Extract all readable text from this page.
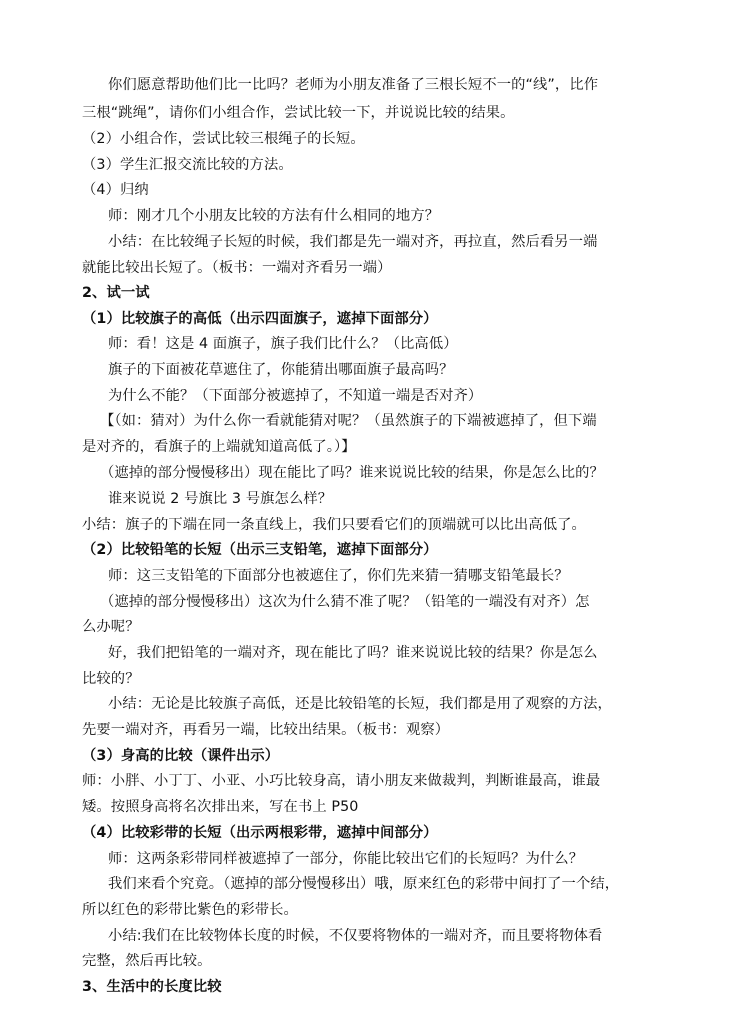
你们愿意帮助他们比一比吗？老师为小朋友准备了三根长短不一的“线”，比作
三根“跳绳”，请你们小组合作，尝试比较一下，并说说比较的结果。
（2）小组合作，尝试比较三根绳子的长短。
（3）学生汇报交流比较的方法。
（4）归纳
师：刚才几个小朋友比较的方法有什么相同的地方？
小结：在比较绳子长短的时候，我们都是先一端对齐，再拉直，然后看另一端
就能比较出长短了。（板书：一端对齐看另一端）
2、试一试
（1）比较旗子的高低（出示四面旗子，遮掉下面部分）
师：看！这是 4 面旗子，旗子我们比什么？（比高低）
旗子的下面被花草遮住了，你能猜出哪面旗子最高吗？
为什么不能？（下面部分被遮掉了，不知道一端是否对齐）
【（如：猜对）为什么你一看就能猜对呢？（虽然旗子的下端被遮掉了，但下端
是对齐的，看旗子的上端就知道高低了。）】
（遮掉的部分慢慢移出）现在能比了吗？谁来说说比较的结果，你是怎么比的？
谁来说说 2 号旗比 3 号旗怎么样？
小结：旗子的下端在同一条直线上，我们只要看它们的顶端就可以比出高低了。
（2）比较铅笔的长短（出示三支铅笔，遮掉下面部分）
师：这三支铅笔的下面部分也被遮住了，你们先来猜一猜哪支铅笔最长？
（遮掉的部分慢慢移出）这次为什么猜不准了呢？（铅笔的一端没有对齐）怎
么办呢？
好，我们把铅笔的一端对齐，现在能比了吗？谁来说说比较的结果？你是怎么
比较的？
小结：无论是比较旗子高低，还是比较铅笔的长短，我们都是用了观察的方法，
先要一端对齐，再看另一端，比较出结果。（板书：观察）
（3）身高的比较（课件出示）
师：小胖、小丁丁、小亚、小巧比较身高，请小朋友来做裁判，判断谁最高，谁最
矮。按照身高将名次排出来，写在书上 P50
（4）比较彩带的长短（出示两根彩带，遮掉中间部分）
师：这两条彩带同样被遮掉了一部分，你能比较出它们的长短吗？为什么？
我们来看个究竟。（遮掉的部分慢慢移出）哦，原来红色的彩带中间打了一个结，
所以红色的彩带比紫色的彩带长。
小结:我们在比较物体长度的时候，不仅要将物体的一端对齐，而且要将物体看
完整，然后再比较。
3、生活中的长度比较
